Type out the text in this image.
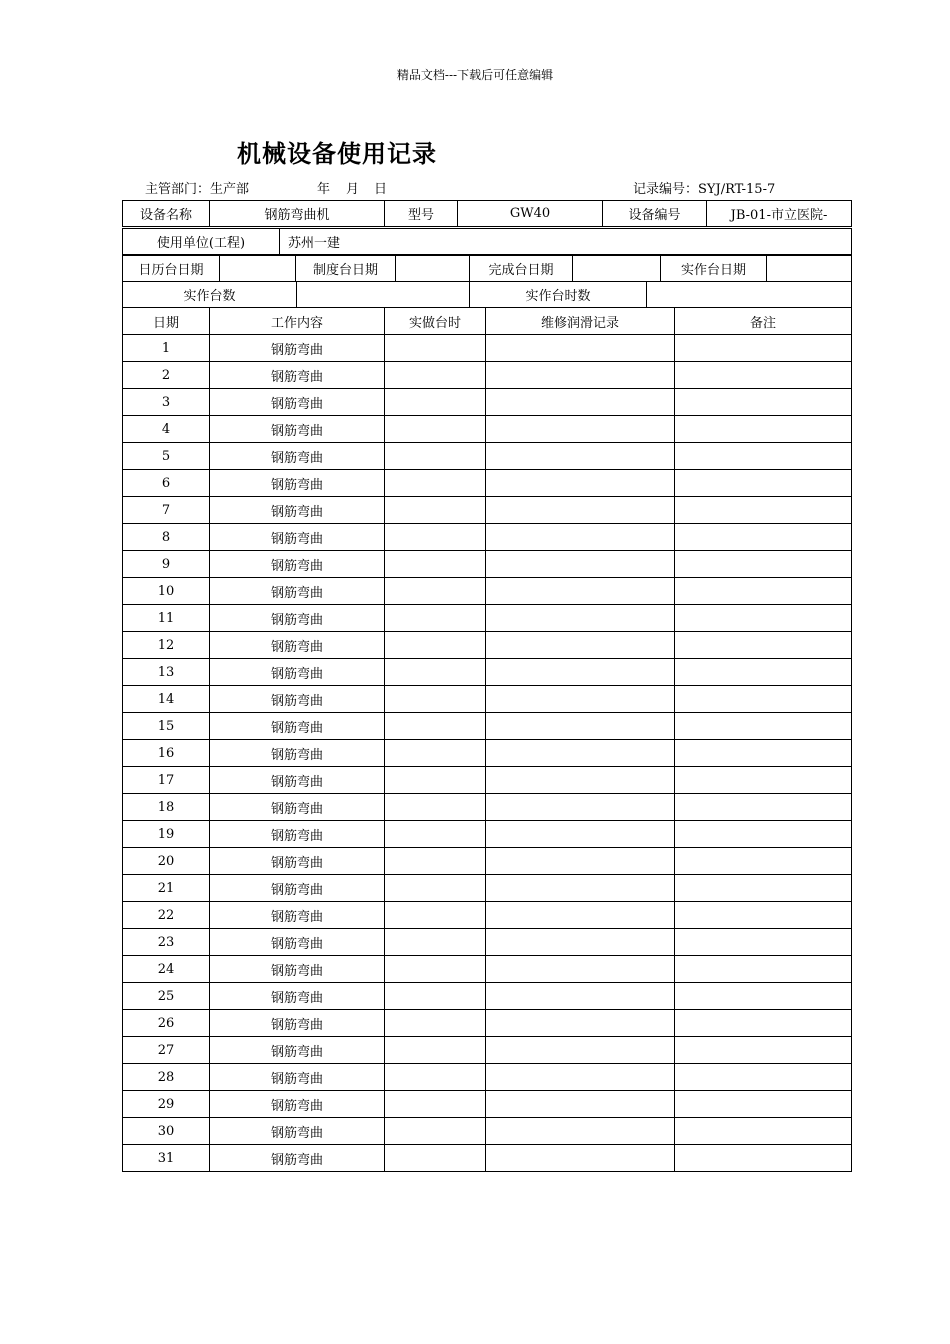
精品文档---下载后可任意编辑
机械设备使用记录
主管部门：生产部	年 月 日	记录编号：SYJ/RT-15-7
设备名称	钢筋弯曲机	型号	GW40	设备编号	JB-01-市立医院-
使用单位(工程)	苏州一建
日历台日期		制度台日期		完成台日期		实作台日期	
实作台数		实作台时数	
日期	工作内容	实做台时	维修润滑记录	备注
1	钢筋弯曲			
2	钢筋弯曲			
3	钢筋弯曲			
4	钢筋弯曲			
5	钢筋弯曲			
6	钢筋弯曲			
7	钢筋弯曲			
8	钢筋弯曲			
9	钢筋弯曲			
10	钢筋弯曲			
11	钢筋弯曲			
12	钢筋弯曲			
13	钢筋弯曲			
14	钢筋弯曲			
15	钢筋弯曲			
16	钢筋弯曲			
17	钢筋弯曲			
18	钢筋弯曲			
19	钢筋弯曲			
20	钢筋弯曲			
21	钢筋弯曲			
22	钢筋弯曲			
23	钢筋弯曲			
24	钢筋弯曲			
25	钢筋弯曲			
26	钢筋弯曲			
27	钢筋弯曲			
28	钢筋弯曲			
29	钢筋弯曲			
30	钢筋弯曲			
31	钢筋弯曲			
